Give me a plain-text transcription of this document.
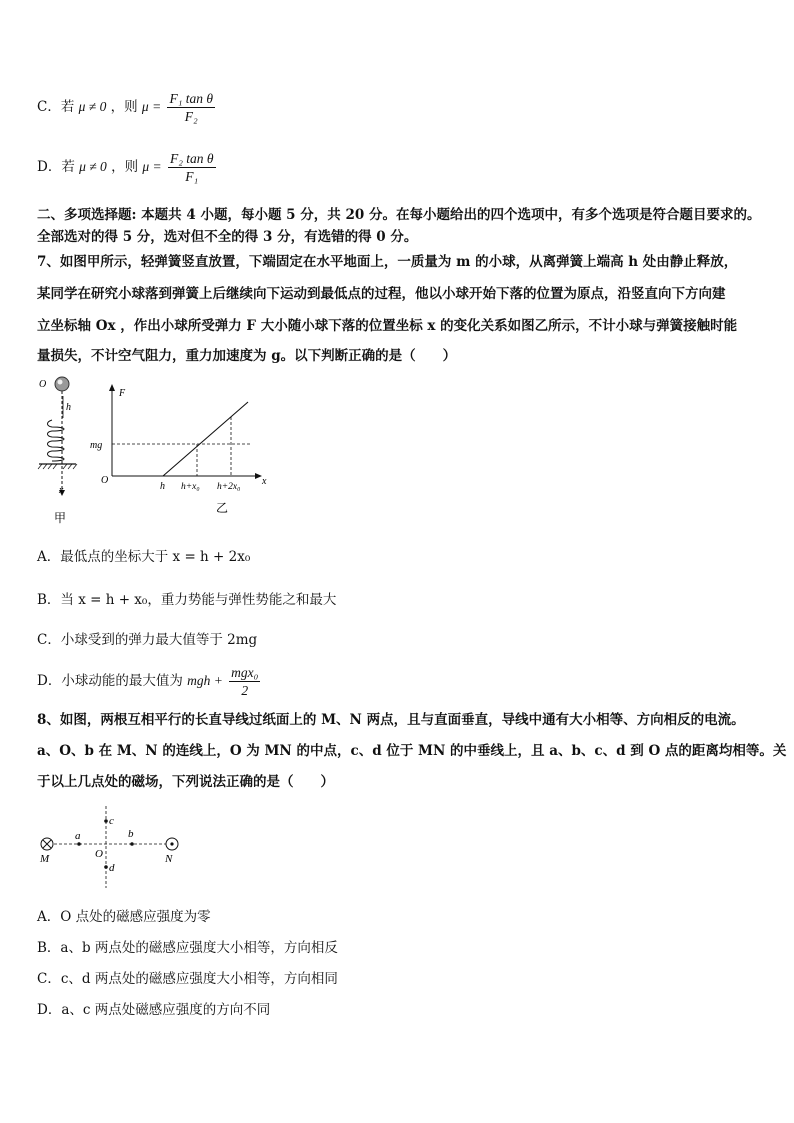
C．若 μ ≠ 0 ，则 $\mu = \frac{\text{F₁ tan θ}}{\text{F₂}}$
D．若 μ ≠ 0 ，则 $\mu = \frac{\text{F₂ tan θ}}{\text{F₁}}$
二、多项选择题: 本题共 4 小题，每小题 5 分，共 20 分。在每小题给出的四个选项中，有多个选项是符合题目要求的。
全部选对的得 5 分，选对但不全的得 3 分，有选错的得 0 分。
7、如图甲所示，轻弹簧竖直放置，下端固定在水平地面上，一质量为 m 的小球，从离弹簧上端高 h 处由静止释放，
某同学在研究小球落到弹簧上后继续向下运动到最低点的过程，他以小球开始下落的位置为原点，沿竖直向下方向建
立坐标轴 Ox ，作出小球所受弹力 F 大小随小球下落的位置坐标 x 的变化关系如图乙所示，不计小球与弹簧接触时能
量损失，不计空气阻力，重力加速度为 g。以下判断正确的是（　　）
O
h
x
甲
F
mg
O
h h+x₀ h+2x₀ x
乙
A．最低点的坐标大于 x = h + 2x₀
B．当 x = h + x₀，重力势能与弹性势能之和最大
C．小球受到的弹力最大值等于 2mg
D．小球动能的最大值为 mgh + $\frac{\text{mgx₀}}{2}$
8、如图，两根互相平行的长直导线过纸面上的 M、N 两点，且与直面垂直，导线中通有大小相等、方向相反的电流。
a、O、b 在 M、N 的连线上，O 为 MN 的中点，c、d 位于 MN 的中垂线上，且 a、b、c、d 到 O 点的距离均相等。关
于以上几点处的磁场，下列说法正确的是（　　）
M	N
O
a	b
c
d
A．O 点处的磁感应强度为零
B．a、b 两点处的磁感应强度大小相等，方向相反
C．c、d 两点处的磁感应强度大小相等，方向相同
D．a、c 两点处磁感应强度的方向不同
